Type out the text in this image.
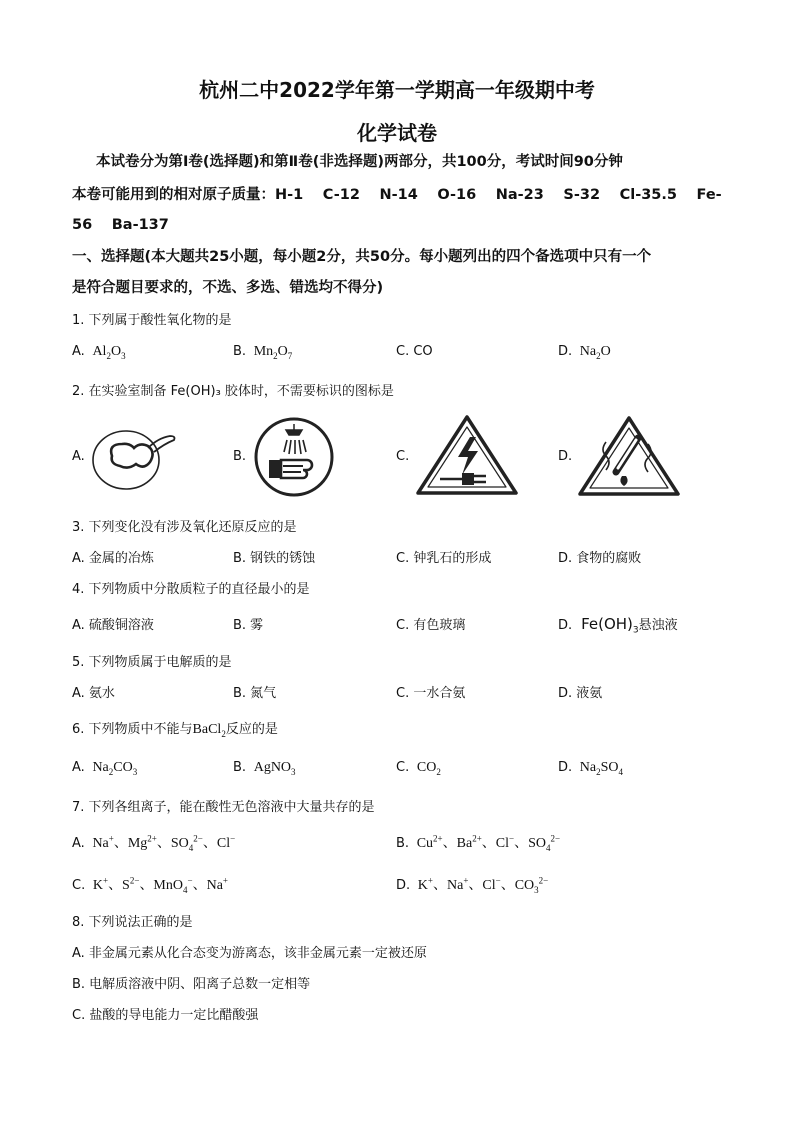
杭州二中2022学年第一学期高一年级期中考
化学试卷
本试卷分为第Ⅰ卷(选择题)和第Ⅱ卷(非选择题)两部分，共100分，考试时间90分钟
本卷可能用到的相对原子质量：H-1　 C-12　 N-14　 O-16　 Na-23　 S-32　 Cl-35.5　 Fe-
56　 Ba-137
一、选择题(本大题共25小题，每小题2分，共50分。每小题列出的四个备选项中只有一个
是符合题目要求的，不选、多选、错选均不得分)
1. 下列属于酸性氧化物的是
A.  $Al_2O_3$	B.  $Mn_2O_7$	C. CO	D.  $Na_2O$
2. 在实验室制备 Fe(OH)₃ 胶体时，不需要标识的图标是
A.	B.	C.	D.
3. 下列变化没有涉及氧化还原反应的是
A. 金属的冶炼	B. 钢铁的锈蚀	C. 钟乳石的形成	D. 食物的腐败
4. 下列物质中分散质粒子的直径最小的是
A. 硫酸铜溶液	B. 雾	C. 有色玻璃	D.  $Fe(OH)_3$悬浊液
5. 下列物质属于电解质的是
A. 氨水	B. 氮气	C. 一水合氨	D. 液氨
6. 下列物质中不能与BaCl$_2$反应的是
A.  $Na_2CO_3$	B.  AgNO$_3$	C.  $CO_2$	D.  $Na_2SO_4$
7. 下列各组离子，能在酸性无色溶液中大量共存的是
A.  Na+、$Mg^{2+}$、$SO_4^{2-}$、Cl−	B.  $Cu^{2+}$、$Ba^{2+}$、Cl−、$SO_4^{2-}$
C.  K+、$S^{2-}$、MnO$_4$−、Na+	D.  K+、Na+、Cl−、$CO_3^{2-}$
8. 下列说法正确的是
A. 非金属元素从化合态变为游离态，该非金属元素一定被还原
B. 电解质溶液中阴、阳离子总数一定相等
C. 盐酸的导电能力一定比醋酸强
